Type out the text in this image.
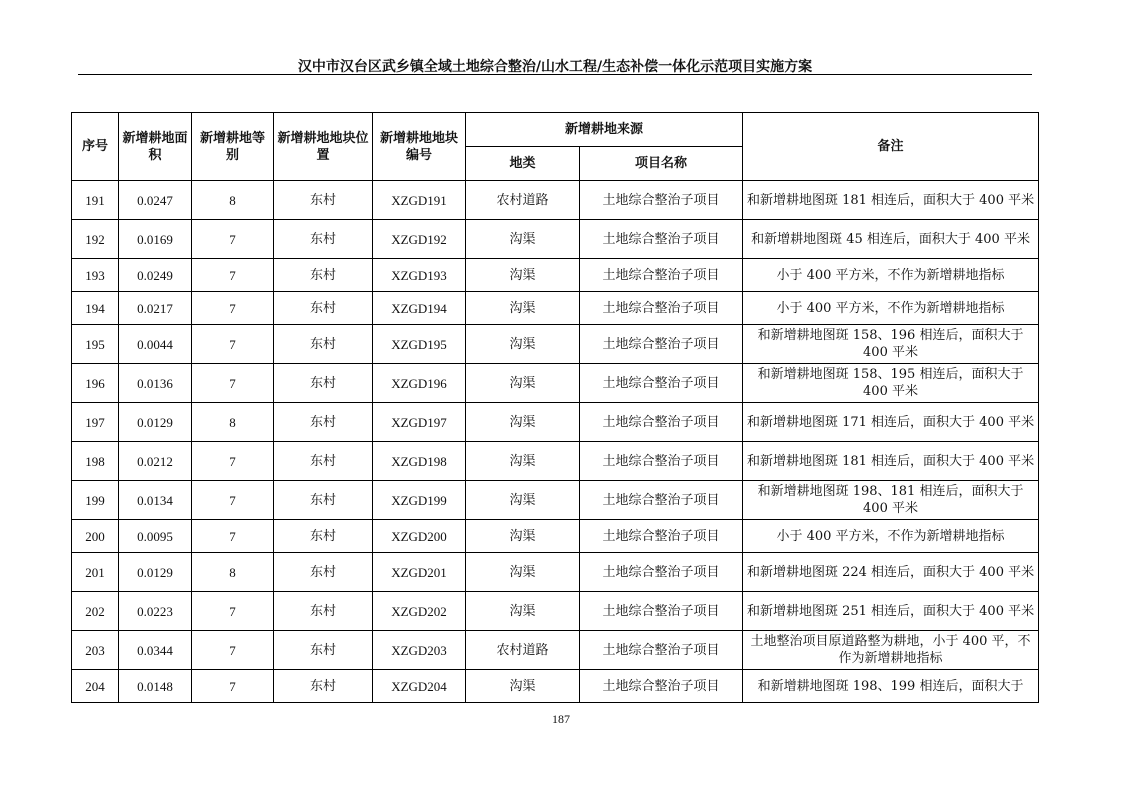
汉中市汉台区武乡镇全域土地综合整治/山水工程/生态补偿一体化示范项目实施方案
序号	新增耕地面积	新增耕地等别	新增耕地地块位置	新增耕地地块编号	新增耕地来源		备注
					地类	项目名称	
191	0.0247	8	东村	XZGD191	农村道路	土地综合整治子项目	和新增耕地图斑 181 相连后，面积大于 400 平米
192	0.0169	7	东村	XZGD192	沟渠	土地综合整治子项目	和新增耕地图斑 45 相连后，面积大于 400 平米
193	0.0249	7	东村	XZGD193	沟渠	土地综合整治子项目	小于 400 平方米，不作为新增耕地指标
194	0.0217	7	东村	XZGD194	沟渠	土地综合整治子项目	小于 400 平方米，不作为新增耕地指标
195	0.0044	7	东村	XZGD195	沟渠	土地综合整治子项目	和新增耕地图斑 158、196 相连后，面积大于 400 平米
196	0.0136	7	东村	XZGD196	沟渠	土地综合整治子项目	和新增耕地图斑 158、195 相连后，面积大于 400 平米
197	0.0129	8	东村	XZGD197	沟渠	土地综合整治子项目	和新增耕地图斑 171 相连后，面积大于 400 平米
198	0.0212	7	东村	XZGD198	沟渠	土地综合整治子项目	和新增耕地图斑 181 相连后，面积大于 400 平米
199	0.0134	7	东村	XZGD199	沟渠	土地综合整治子项目	和新增耕地图斑 198、181 相连后，面积大于 400 平米
200	0.0095	7	东村	XZGD200	沟渠	土地综合整治子项目	小于 400 平方米，不作为新增耕地指标
201	0.0129	8	东村	XZGD201	沟渠	土地综合整治子项目	和新增耕地图斑 224 相连后，面积大于 400 平米
202	0.0223	7	东村	XZGD202	沟渠	土地综合整治子项目	和新增耕地图斑 251 相连后，面积大于 400 平米
203	0.0344	7	东村	XZGD203	农村道路	土地综合整治子项目	土地整治项目原道路整为耕地，小于 400 平，不作为新增耕地指标
204	0.0148	7	东村	XZGD204	沟渠	土地综合整治子项目	和新增耕地图斑 198、199 相连后，面积大于
187
